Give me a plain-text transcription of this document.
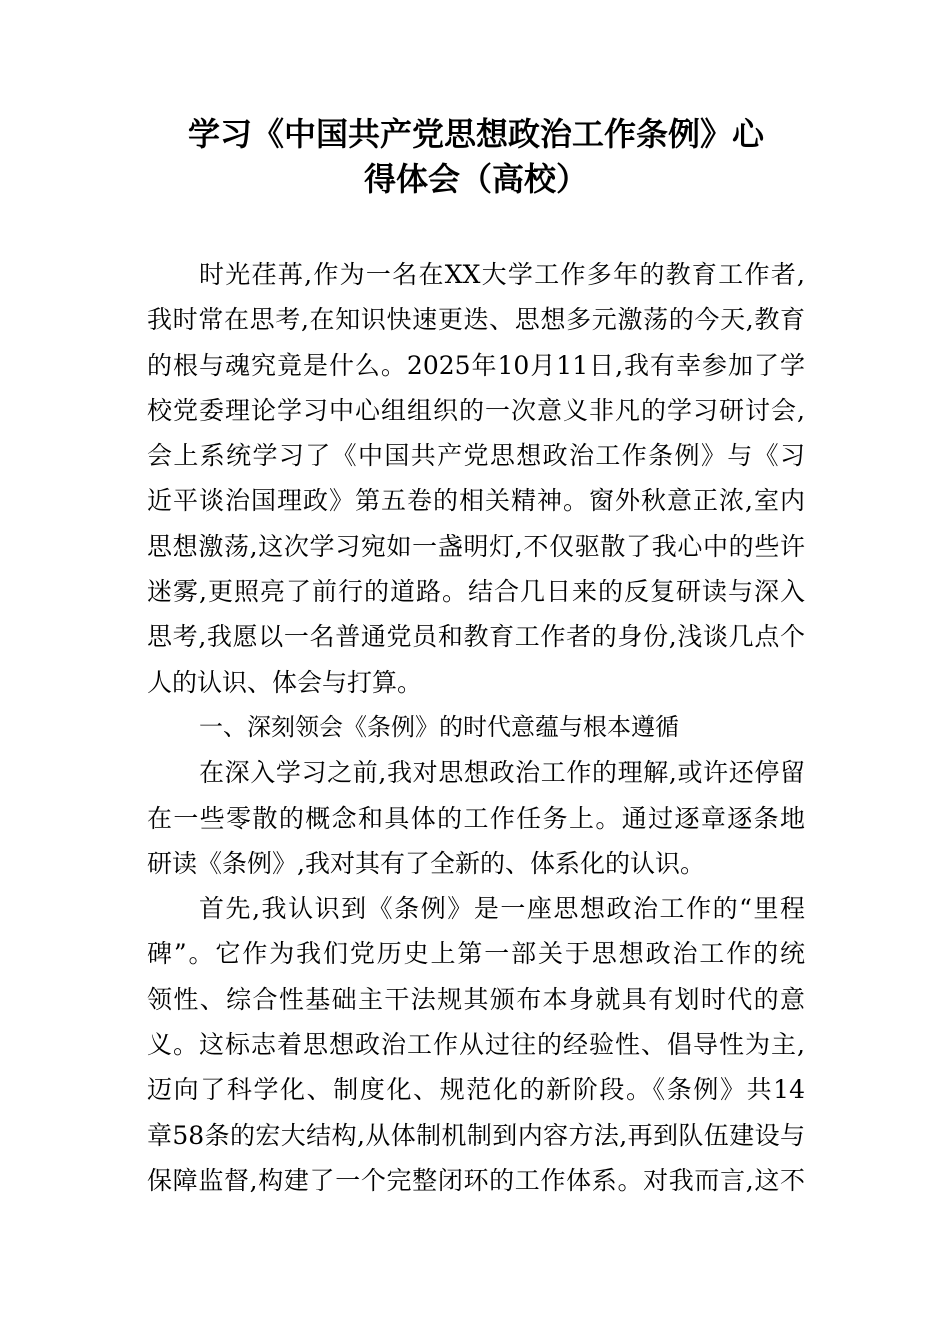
学习《中国共产党思想政治工作条例》心
得体会（高校）
时光荏苒,作为一名在XX大学工作多年的教育工作者,
我时常在思考,在知识快速更迭、思想多元激荡的今天,教育
的根与魂究竟是什么。2025年10月11日,我有幸参加了学
校党委理论学习中心组组织的一次意义非凡的学习研讨会,
会上系统学习了《中国共产党思想政治工作条例》与《习
近平谈治国理政》第五卷的相关精神。窗外秋意正浓,室内
思想激荡,这次学习宛如一盏明灯,不仅驱散了我心中的些许
迷雾,更照亮了前行的道路。结合几日来的反复研读与深入
思考,我愿以一名普通党员和教育工作者的身份,浅谈几点个
人的认识、体会与打算。
一、深刻领会《条例》的时代意蕴与根本遵循
在深入学习之前,我对思想政治工作的理解,或许还停留
在一些零散的概念和具体的工作任务上。通过逐章逐条地
研读《条例》,我对其有了全新的、体系化的认识。
首先,我认识到《条例》是一座思想政治工作的“里程
碑”。它作为我们党历史上第一部关于思想政治工作的统
领性、综合性基础主干法规其颁布本身就具有划时代的意
义。这标志着思想政治工作从过往的经验性、倡导性为主,
迈向了科学化、制度化、规范化的新阶段。《条例》共14
章58条的宏大结构,从体制机制到内容方法,再到队伍建设与
保障监督,构建了一个完整闭环的工作体系。对我而言,这不
